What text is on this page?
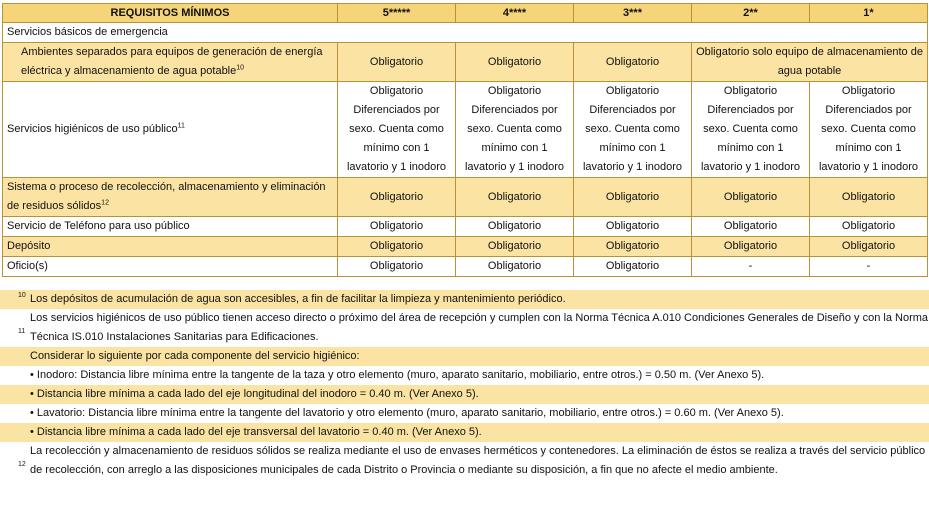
REQUISITOS MÍNIMOS	5*****	4****	3***	2**	1*
Servicios básicos de emergencia					
Ambientes separados para equipos de generación de energía eléctrica y almacenamiento de agua potable$^{10}$	Obligatorio	Obligatorio	Obligatorio	Obligatorio solo equipo de almacenamiento de agua potable	
Servicios higiénicos de uso público$^{11}$	Obligatorio Diferenciados por sexo. Cuenta como mínimo con 1 lavatorio y 1 inodoro	Obligatorio Diferenciados por sexo. Cuenta como mínimo con 1 lavatorio y 1 inodoro	Obligatorio Diferenciados por sexo. Cuenta como mínimo con 1 lavatorio y 1 inodoro	Obligatorio Diferenciados por sexo. Cuenta como mínimo con 1 lavatorio y 1 inodoro	Obligatorio Diferenciados por sexo. Cuenta como mínimo con 1 lavatorio y 1 inodoro
Sistema o proceso de recolección, almacenamiento y eliminación de residuos sólidos$^{12}$	Obligatorio	Obligatorio	Obligatorio	Obligatorio	Obligatorio
Servicio de Teléfono para uso público	Obligatorio	Obligatorio	Obligatorio	Obligatorio	Obligatorio
Depósito	Obligatorio	Obligatorio	Obligatorio	Obligatorio	Obligatorio
Oficio(s)	Obligatorio	Obligatorio	Obligatorio	-	-
10 Los depósitos de acumulación de agua son accesibles, a fin de facilitar la limpieza y mantenimiento periódico.
11
Los servicios higiénicos de uso público tienen acceso directo o próximo del área de recepción y cumplen con la Norma Técnica A.010 Condiciones Generales de Diseño y con la Norma Técnica IS.010 Instalaciones Sanitarias para Edificaciones.
Considerar lo siguiente por cada componente del servicio higiénico:
• Inodoro: Distancia libre mínima entre la tangente de la taza y otro elemento (muro, aparato sanitario, mobiliario, entre otros.) = 0.50 m. (Ver Anexo 5).
• Distancia libre mínima a cada lado del eje longitudinal del inodoro = 0.40 m. (Ver Anexo 5).
• Lavatorio: Distancia libre mínima entre la tangente del lavatorio y otro elemento (muro, aparato sanitario, mobiliario, entre otros.) = 0.60 m. (Ver Anexo 5).
• Distancia libre mínima a cada lado del eje transversal del lavatorio = 0.40 m. (Ver Anexo 5).
12
La recolección y almacenamiento de residuos sólidos se realiza mediante el uso de envases herméticos y contenedores. La eliminación de éstos se realiza a través del servicio público de recolección, con arreglo a las disposiciones municipales de cada Distrito o Provincia o mediante su disposición, a fin que no afecte el medio ambiente.
